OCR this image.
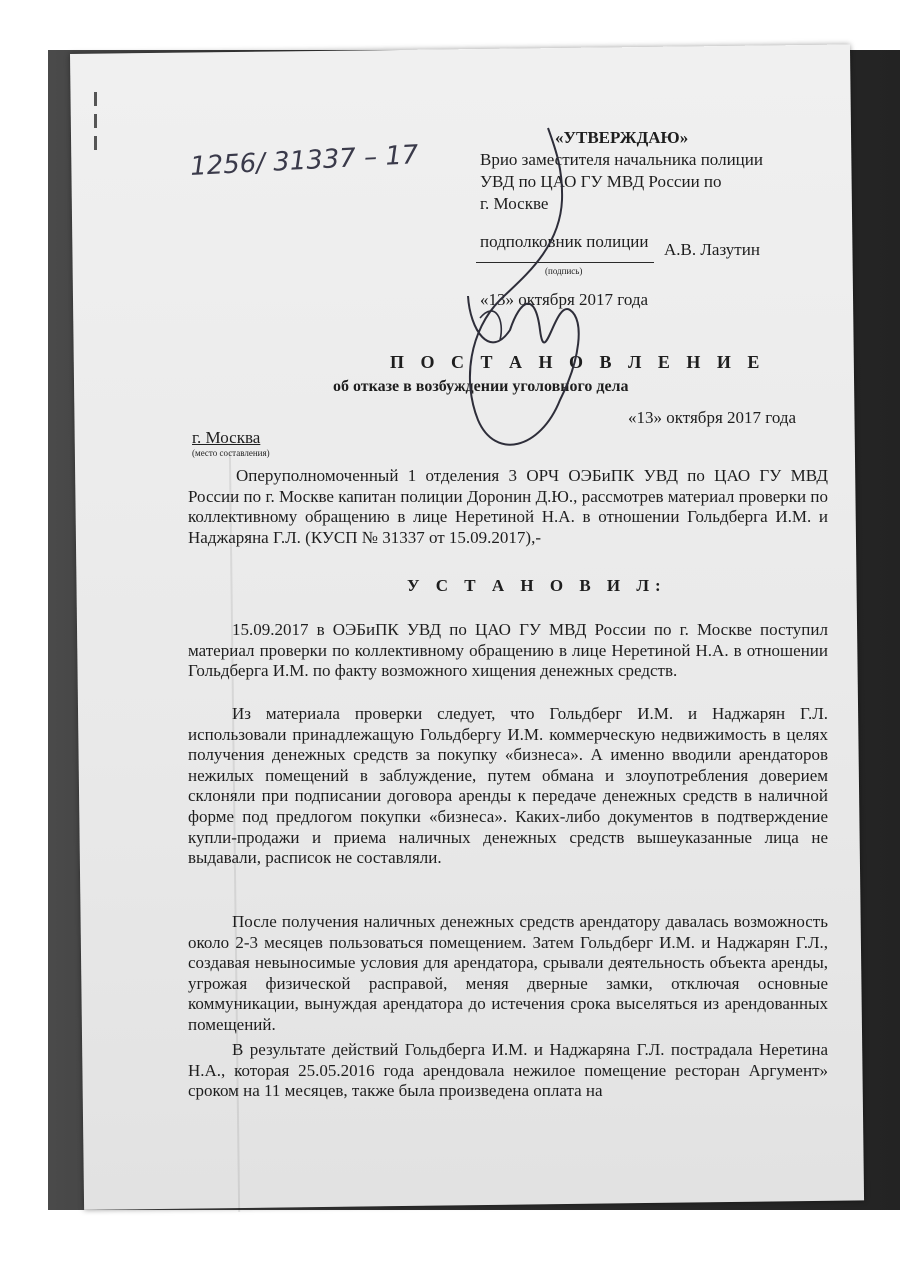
1256/ 31337 – 17
«УТВЕРЖДАЮ»
Врио заместителя начальника полиции
УВД по ЦАО ГУ МВД России по
г. Москве
подполковник полиции А.В. Лазутин
(подпись)
«13» октября 2017 года
П О С Т А Н О В Л Е Н И Е
об отказе в возбуждении уголовного дела
«13» октября 2017 года
г. Москва
(место составления)
Оперуполномоченный 1 отделения 3 ОРЧ ОЭБиПК УВД по ЦАО ГУ МВД России по г. Москве капитан полиции Доронин Д.Ю., рассмотрев материал проверки по коллективному обращению в лице Неретиной Н.А. в отношении Гольдберга И.М. и Наджаряна Г.Л. (КУСП № 31337 от 15.09.2017),-
У С Т А Н О В И Л:
15.09.2017 в ОЭБиПК УВД по ЦАО ГУ МВД России по г. Москве поступил материал проверки по коллективному обращению в лице Неретиной Н.А. в отношении Гольдберга И.М. по факту возможного хищения денежных средств.
Из материала проверки следует, что Гольдберг И.М. и Наджарян Г.Л. использовали принадлежащую Гольдбергу И.М. коммерческую недвижимость в целях получения денежных средств за покупку «бизнеса». А именно вводили арендаторов нежилых помещений в заблуждение, путем обмана и злоупотребления доверием склоняли при подписании договора аренды к передаче денежных средств в наличной форме под предлогом покупки «бизнеса». Каких-либо документов в подтверждение купли-продажи и приема наличных денежных средств вышеуказанные лица не выдавали, расписок не составляли.
После получения наличных денежных средств арендатору давалась возможность около 2-3 месяцев пользоваться помещением. Затем Гольдберг И.М. и Наджарян Г.Л., создавая невыносимые условия для арендатора, срывали деятельность объекта аренды, угрожая физической расправой, меняя дверные замки, отключая основные коммуникации, вынуждая арендатора до истечения срока выселяться из арендованных помещений.
В результате действий Гольдберга И.М. и Наджаряна Г.Л. пострадала Неретина Н.А., которая 25.05.2016 года арендовала нежилое помещение ресторан Аргумент» сроком на 11 месяцев, также была произведена оплата на
